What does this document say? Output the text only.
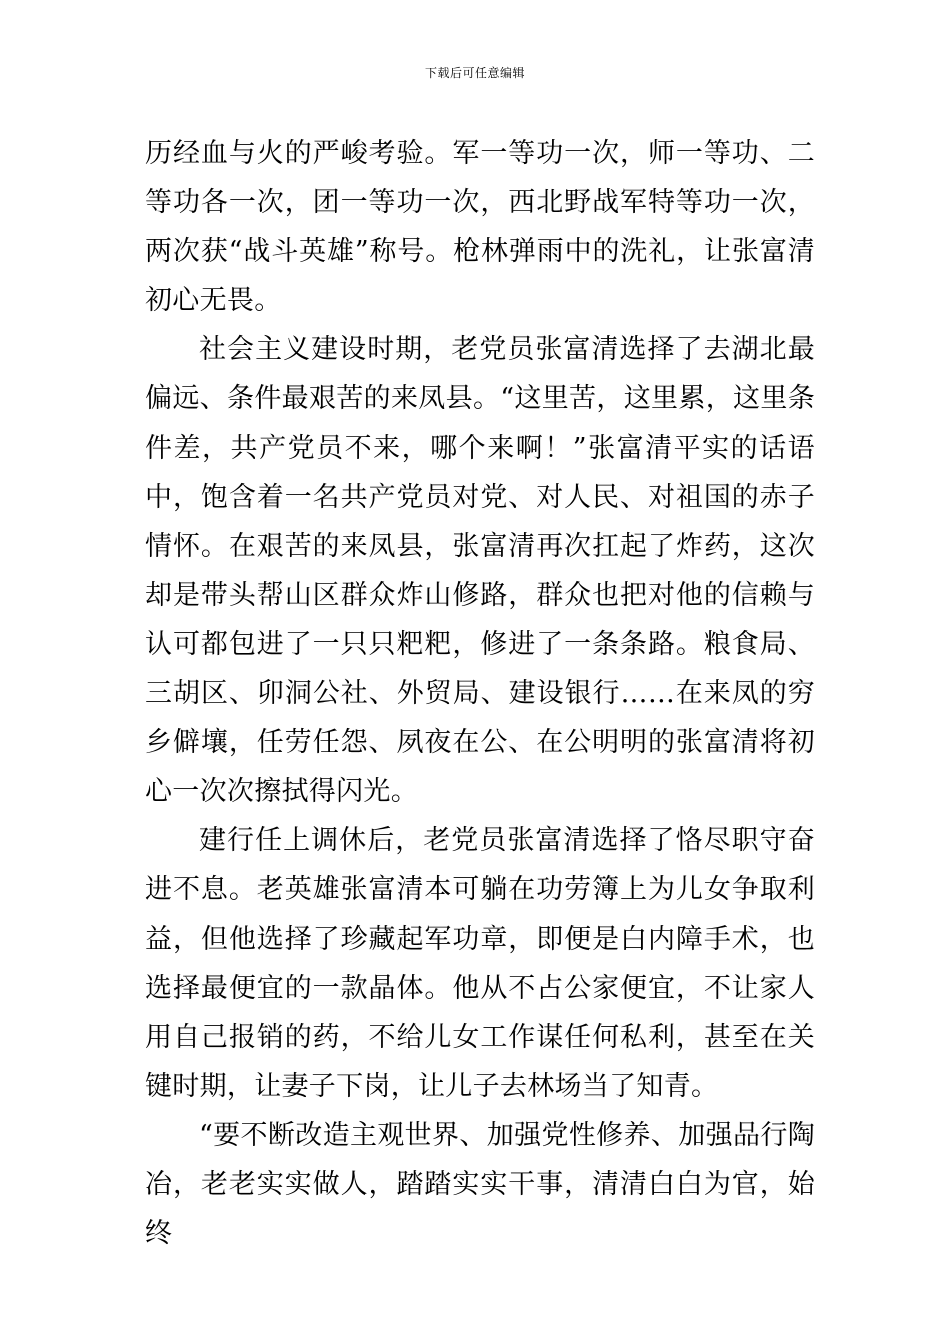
下载后可任意编辑

历经血与火的严峻考验。军一等功一次，师一等功、二等功各一次，团一等功一次，西北野战军特等功一次，两次获“战斗英雄”称号。枪林弹雨中的洗礼，让张富清初心无畏。

社会主义建设时期，老党员张富清选择了去湖北最偏远、条件最艰苦的来凤县。“这里苦，这里累，这里条件差，共产党员不来，哪个来啊！”张富清平实的话语中，饱含着一名共产党员对党、对人民、对祖国的赤子情怀。在艰苦的来凤县，张富清再次扛起了炸药，这次却是带头帮山区群众炸山修路，群众也把对他的信赖与认可都包进了一只只粑粑，修进了一条条路。粮食局、三胡区、卯洞公社、外贸局、建设银行……在来凤的穷乡僻壤，任劳任怨、夙夜在公、在公明明的张富清将初心一次次擦拭得闪光。

建行任上调休后，老党员张富清选择了恪尽职守奋进不息。老英雄张富清本可躺在功劳簿上为儿女争取利益，但他选择了珍藏起军功章，即便是白内障手术，也选择最便宜的一款晶体。他从不占公家便宜，不让家人用自己报销的药，不给儿女工作谋任何私利，甚至在关键时期，让妻子下岗，让儿子去林场当了知青。

“要不断改造主观世界、加强党性修养、加强品行陶冶，老老实实做人，踏踏实实干事，清清白白为官，始终
